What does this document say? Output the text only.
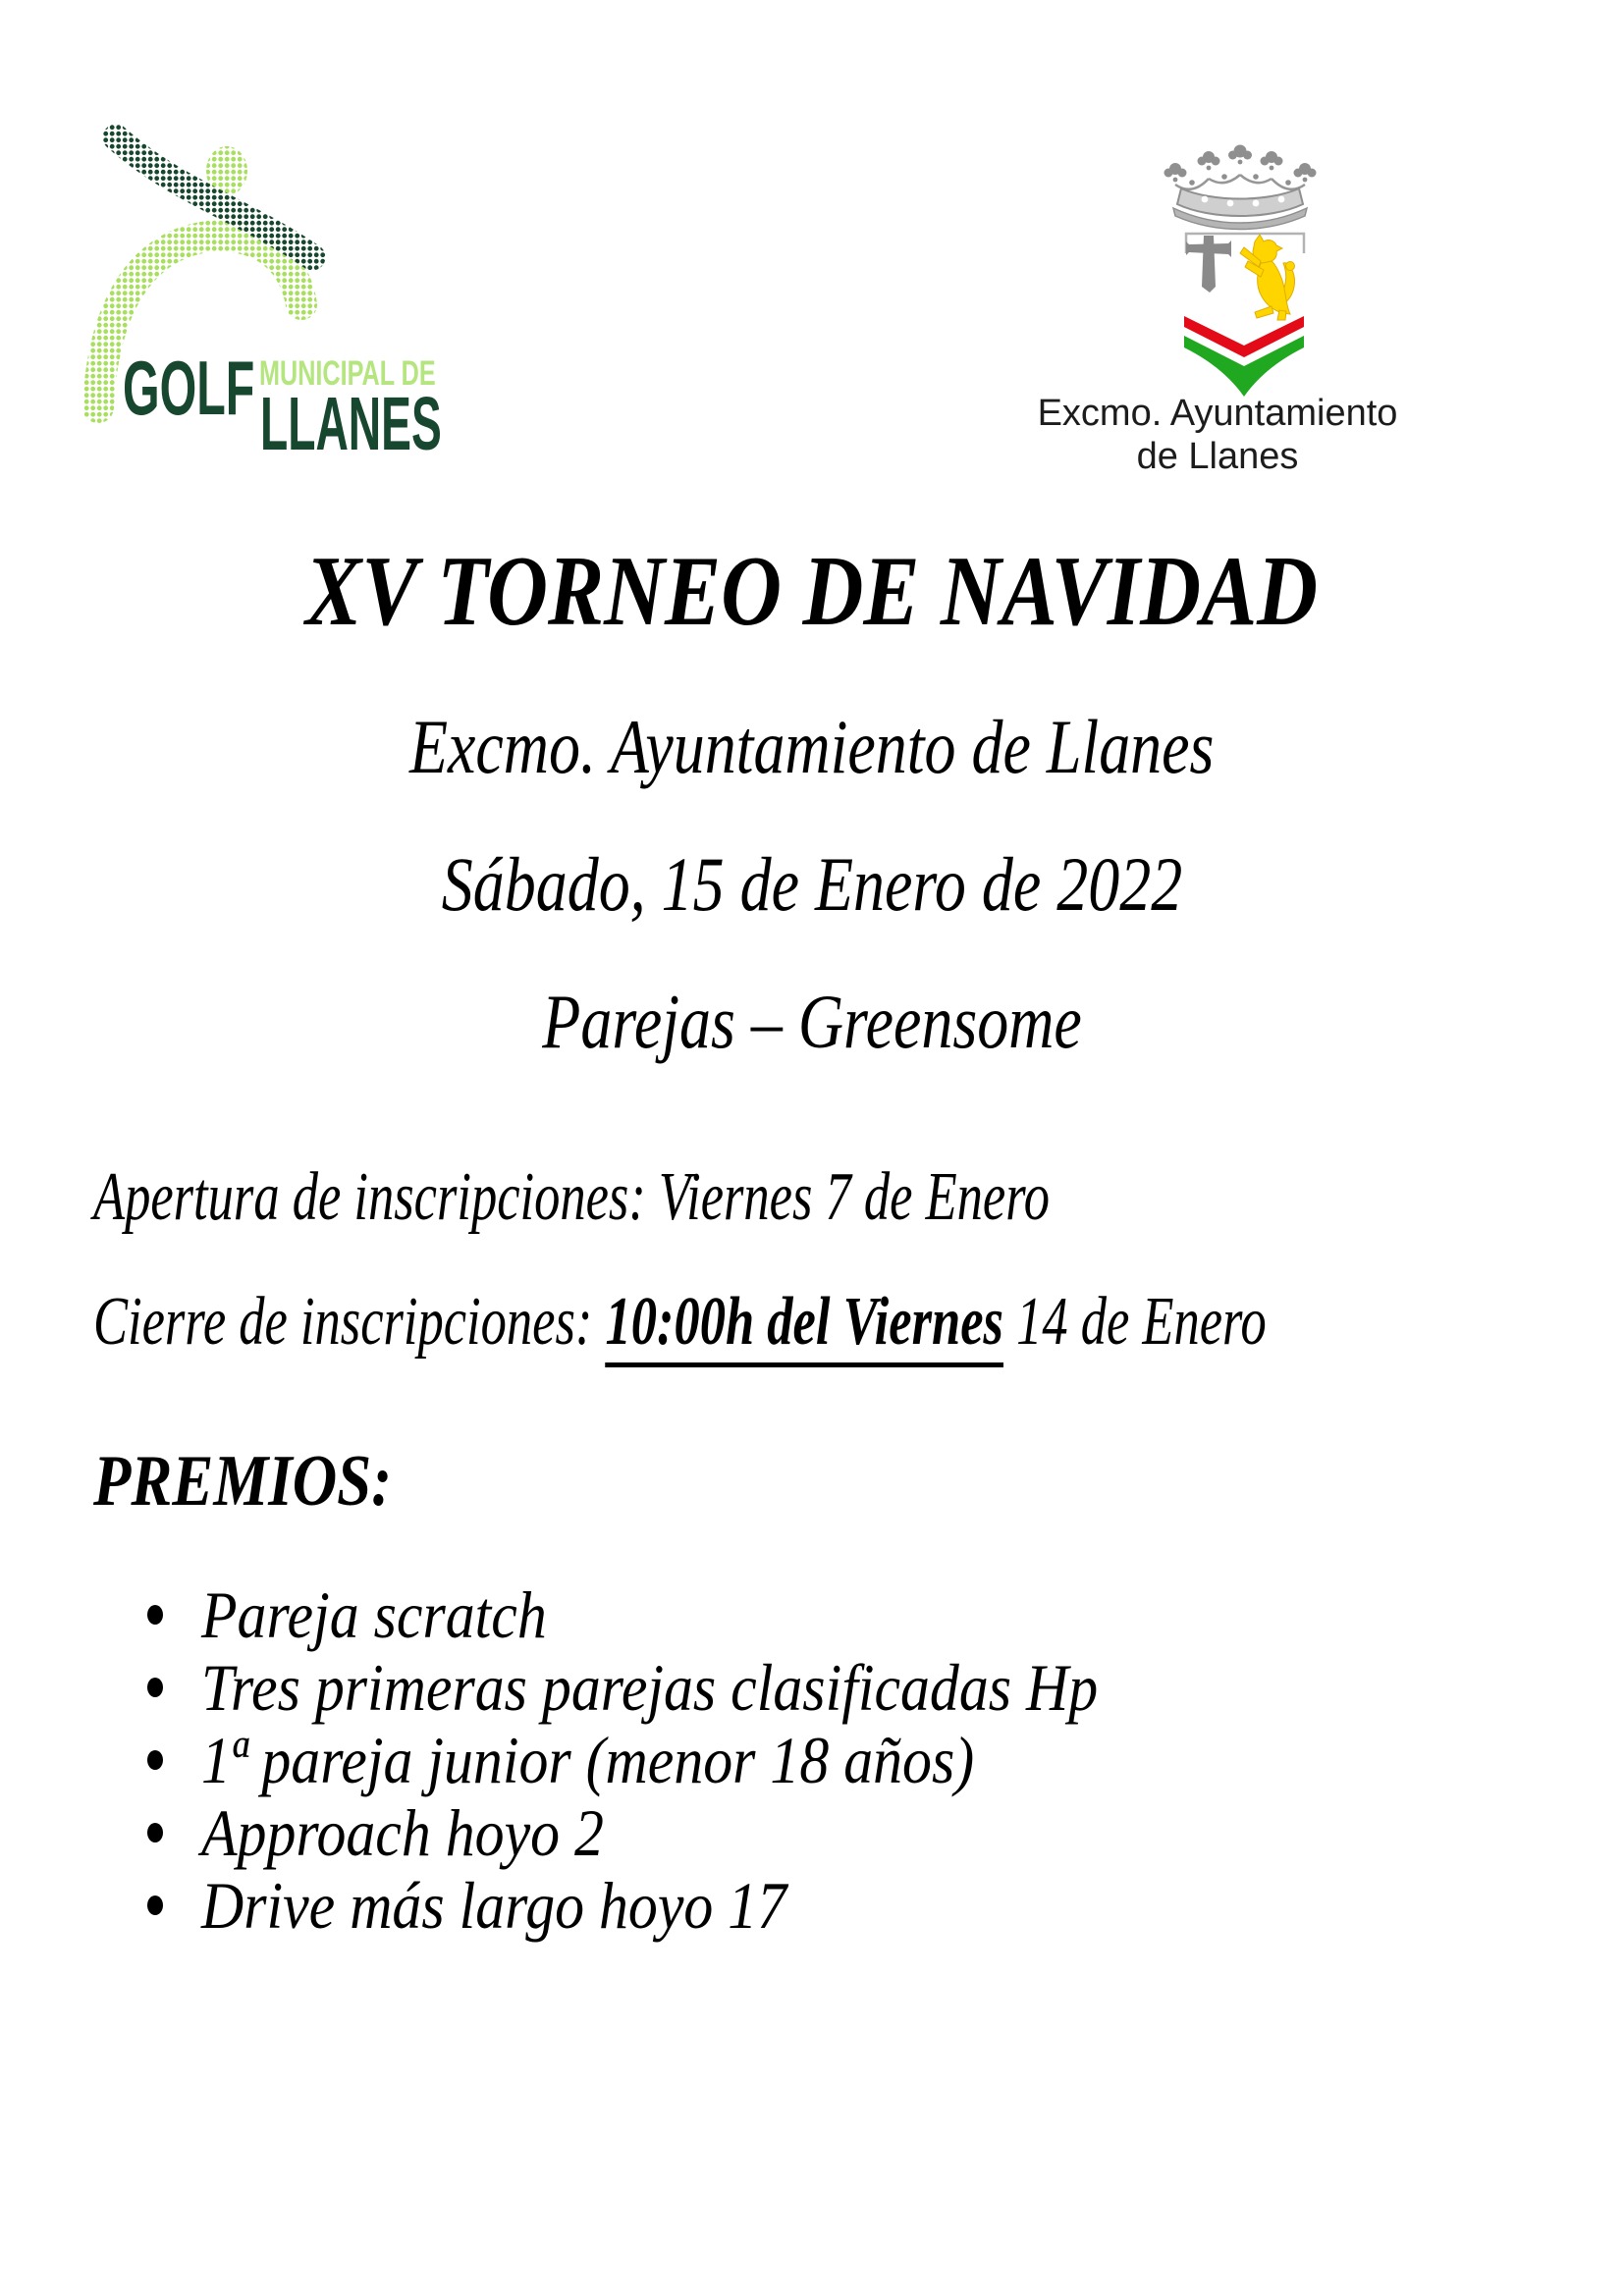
GOLF MUNICIPAL DE
LLANES	Excmo. Ayuntamiento
de Llanes
XV TORNEO DE NAVIDAD
Excmo. Ayuntamiento de Llanes
Sábado, 15 de Enero de 2022
Parejas – Greensome
Apertura de inscripciones: Viernes 7 de Enero
Cierre de inscripciones: 10:00h del Viernes 14 de Enero
PREMIOS:
Pareja scratch
Tres primeras parejas clasificadas Hp
1ª pareja junior (menor 18 años)
Approach hoyo 2
Drive más largo hoyo 17
